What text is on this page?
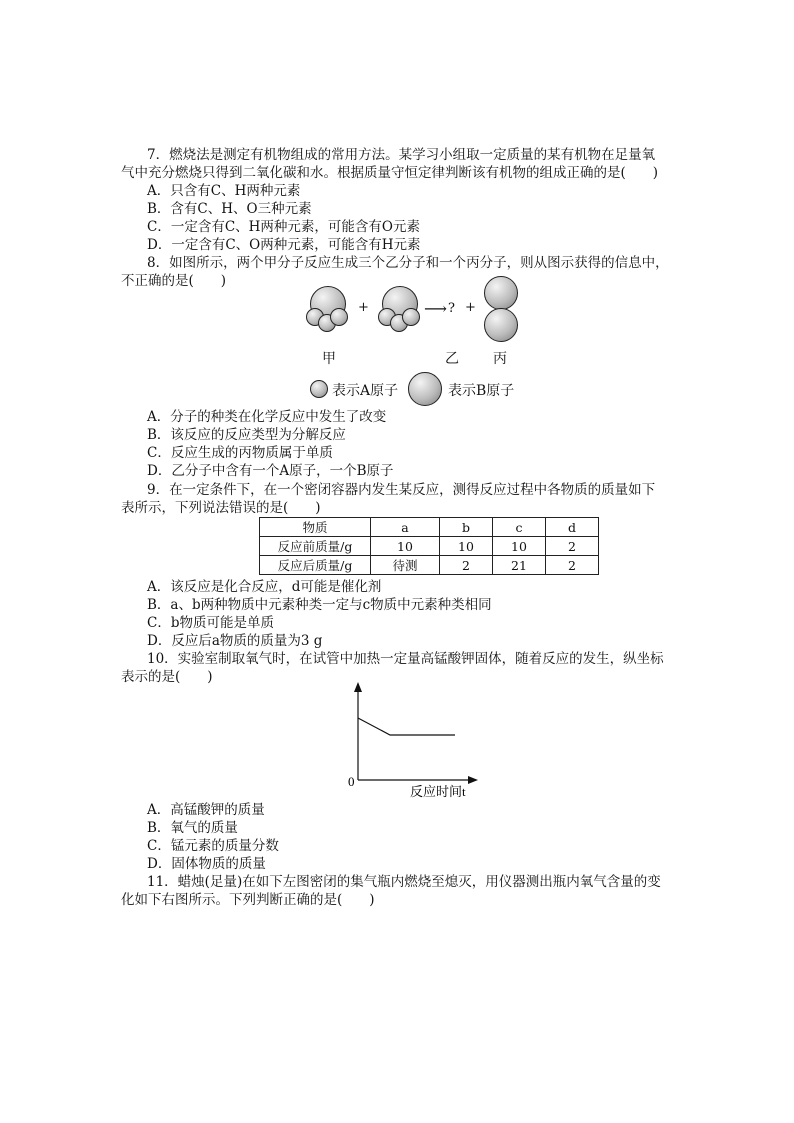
7．燃烧法是测定有机物组成的常用方法。某学习小组取一定质量的某有机物在足量氧
气中充分燃烧只得到二氧化碳和水。根据质量守恒定律判断该有机物的组成正确的是(　　)
A．只含有C、H两种元素
B．含有C、H、O三种元素
C．一定含有C、H两种元素，可能含有O元素
D．一定含有C、O两种元素，可能含有H元素
8．如图所示，两个甲分子反应生成三个乙分子和一个丙分子，则从图示获得的信息中，
不正确的是(　　)
+	⟶ ? +
甲	乙 丙
表示A原子	表示B原子
A．分子的种类在化学反应中发生了改变
B．该反应的反应类型为分解反应
C．反应生成的丙物质属于单质
D．乙分子中含有一个A原子，一个B原子
9．在一定条件下，在一个密闭容器内发生某反应，测得反应过程中各物质的质量如下
表所示，下列说法错误的是(　　)
物质	a	b	c	d
反应前质量/g	10	10	10	2
反应后质量/g	待测	2	21	2
A．该反应是化合反应，d可能是催化剂
B．a、b两种物质中元素种类一定与c物质中元素种类相同
C．b物质可能是单质
D．反应后a物质的质量为3 g
10．实验室制取氧气时，在试管中加热一定量高锰酸钾固体，随着反应的发生，纵坐标
表示的是(　　)
0
反应时间t
A．高锰酸钾的质量
B．氧气的质量
C．锰元素的质量分数
D．固体物质的质量
11．蜡烛(足量)在如下左图密闭的集气瓶内燃烧至熄灭，用仪器测出瓶内氧气含量的变
化如下右图所示。下列判断正确的是(　　)
